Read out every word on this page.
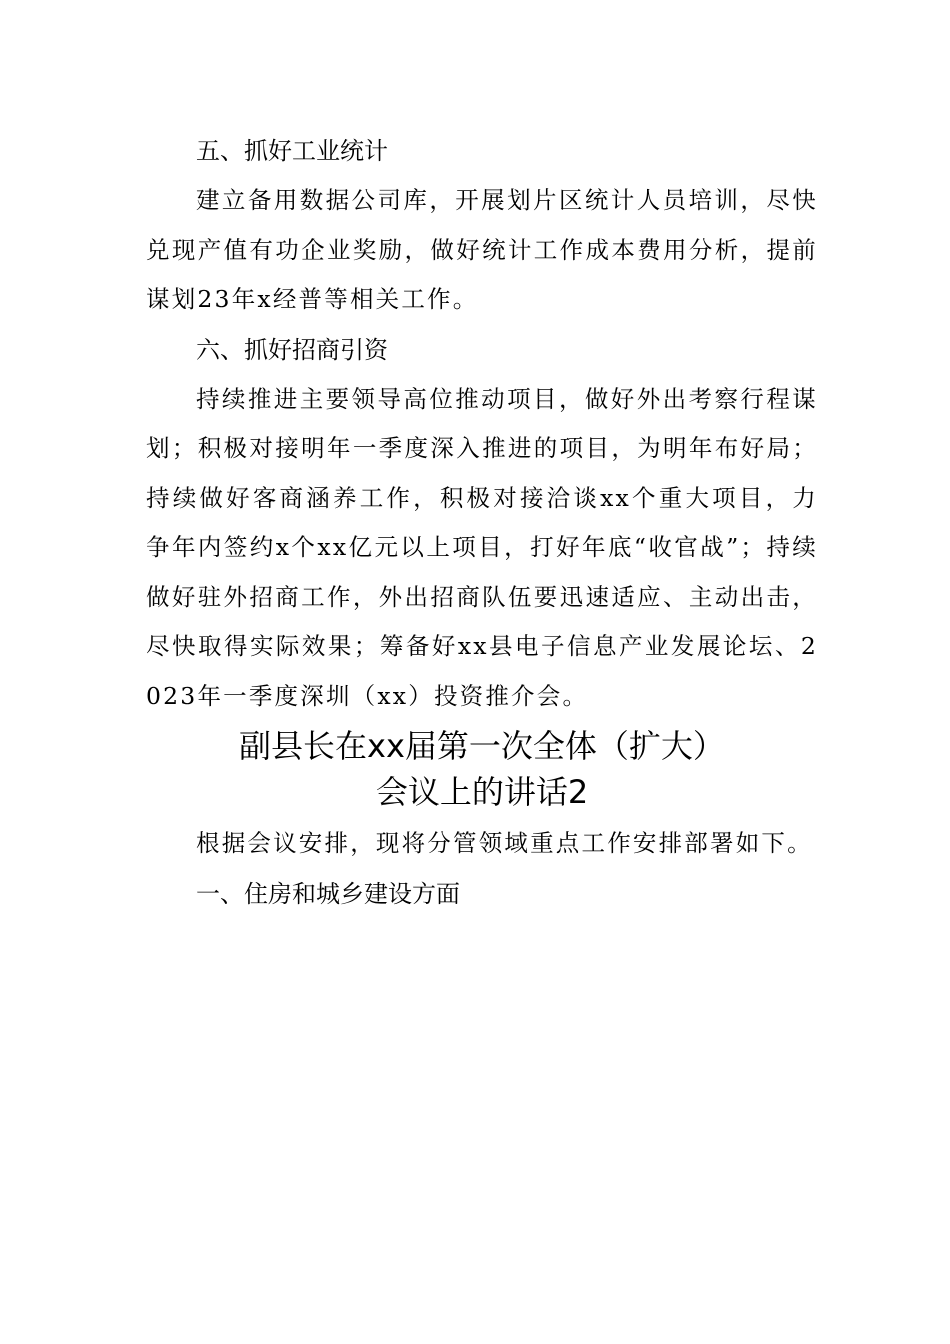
五、抓好工业统计

建立备用数据公司库，开展划片区统计人员培训，尽快兑现产值有功企业奖励，做好统计工作成本费用分析，提前谋划23年x经普等相关工作。

六、抓好招商引资

持续推进主要领导高位推动项目，做好外出考察行程谋划；积极对接明年一季度深入推进的项目，为明年布好局；持续做好客商涵养工作，积极对接洽谈xx个重大项目，力争年内签约x个xx亿元以上项目，打好年底“收官战”；持续做好驻外招商工作，外出招商队伍要迅速适应、主动出击，尽快取得实际效果；筹备好xx县电子信息产业发展论坛、2023年一季度深圳（xx）投资推介会。

副县长在xx届第一次全体（扩大）
会议上的讲话2

根据会议安排，现将分管领域重点工作安排部署如下。

一、住房和城乡建设方面
